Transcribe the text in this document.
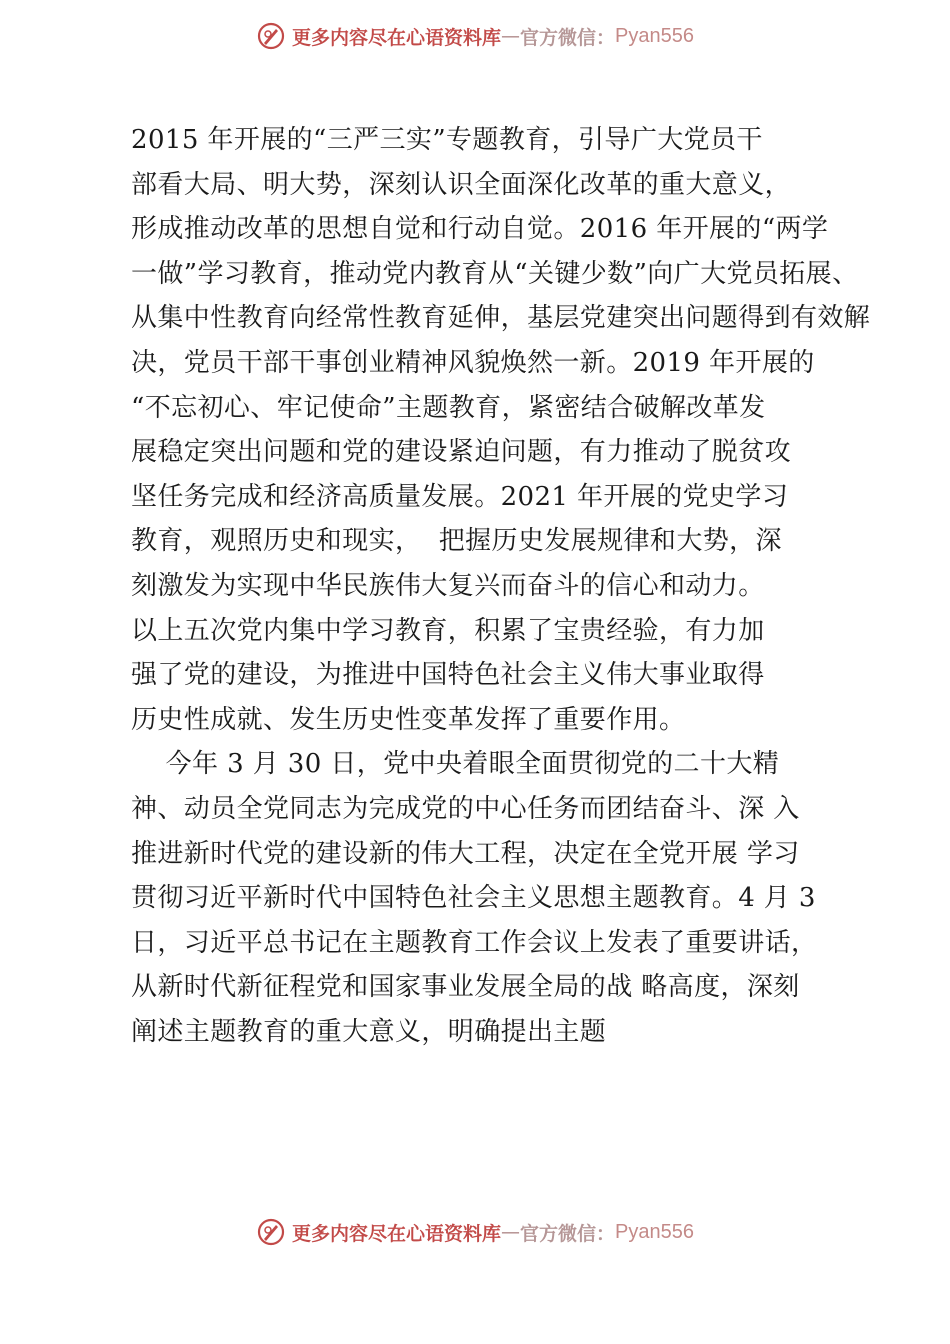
更多内容尽在心语资料库 — 官方微信： Pyan556
2015 年开展的“三严三实”专题教育，引导广大党员干
部看大局、明大势，深刻认识全面深化改革的重大意义，
形成推动改革的思想自觉和行动自觉。2016 年开展的“两学
一做”学习教育，推动党内教育从“关键少数”向广大党员拓展、
从集中性教育向经常性教育延伸，基层党建突出问题得到有效解
决，党员干部干事创业精神风貌焕然一新。2019 年开展的
“不忘初心、牢记使命”主题教育，紧密结合破解改革发
展稳定突出问题和党的建设紧迫问题，有力推动了脱贫攻
坚任务完成和经济高质量发展。2021 年开展的党史学习
教育，观照历史和现实，  把握历史发展规律和大势，深
刻激发为实现中华民族伟大复兴而奋斗的信心和动力。
以上五次党内集中学习教育，积累了宝贵经验，有力加
强了党的建设，为推进中国特色社会主义伟大事业取得
历史性成就、发生历史性变革发挥了重要作用。
今年 3 月 30 日，党中央着眼全面贯彻党的二十大精
神、动员全党同志为完成党的中心任务而团结奋斗、深 入
推进新时代党的建设新的伟大工程，决定在全党开展 学习
贯彻习近平新时代中国特色社会主义思想主题教育。4 月 3
日，习近平总书记在主题教育工作会议上发表了重要讲话，
从新时代新征程党和国家事业发展全局的战 略高度，深刻
阐述主题教育的重大意义，明确提出主题
更多内容尽在心语资料库 — 官方微信： Pyan556
